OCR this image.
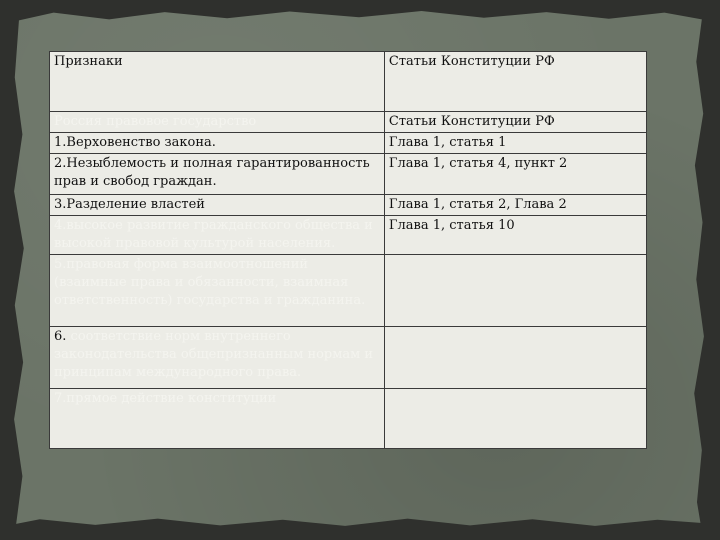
Признаки	Статьи Конституции РФ
Россия правовое государство	Статьи Конституции РФ
1.Верховенство закона.	Глава 1, статья 1
2.Незыблемость и полная гарантированность прав и свобод граждан.	Глава 1, статья 4, пункт 2
3.Разделение властей	Глава 1, статья 2, Глава 2
4.высокое развитие гражданского общества и высокой правовой культурой населения.	Глава 1, статья 10
5.правовая форма взаимоотношений (взаимные права и обязанности, взаимная ответственность) государства и гражданина.	
6. соответствие норм внутреннего законодательства общепризнанным нормам и принципам международного права.	
7.прямое действие конституции	
